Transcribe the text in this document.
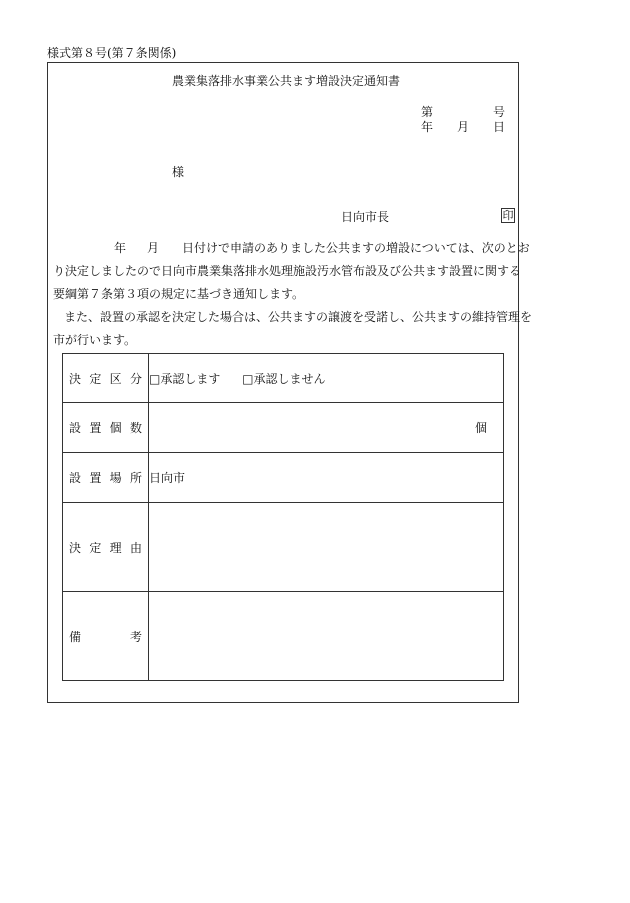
様式第８号(第７条関係)
農業集落排水事業公共ます増設決定通知書
第	号
年 月 日
様
日向市長	印
年 月 日付けで申請のありました公共ますの増設については、次のとお
り決定しましたので日向市農業集落排水処理施設汚水管布設及び公共ます設置に関する
要綱第７条第３項の規定に基づき通知します。
また、設置の承認を決定した場合は、公共ますの譲渡を受諾し、公共ますの維持管理を
市が行います。
決 定 区 分	□承認します □承認しません

設 置 個 数	個

設 置 場 所	日向市

決 定 理 由	

備 考	
